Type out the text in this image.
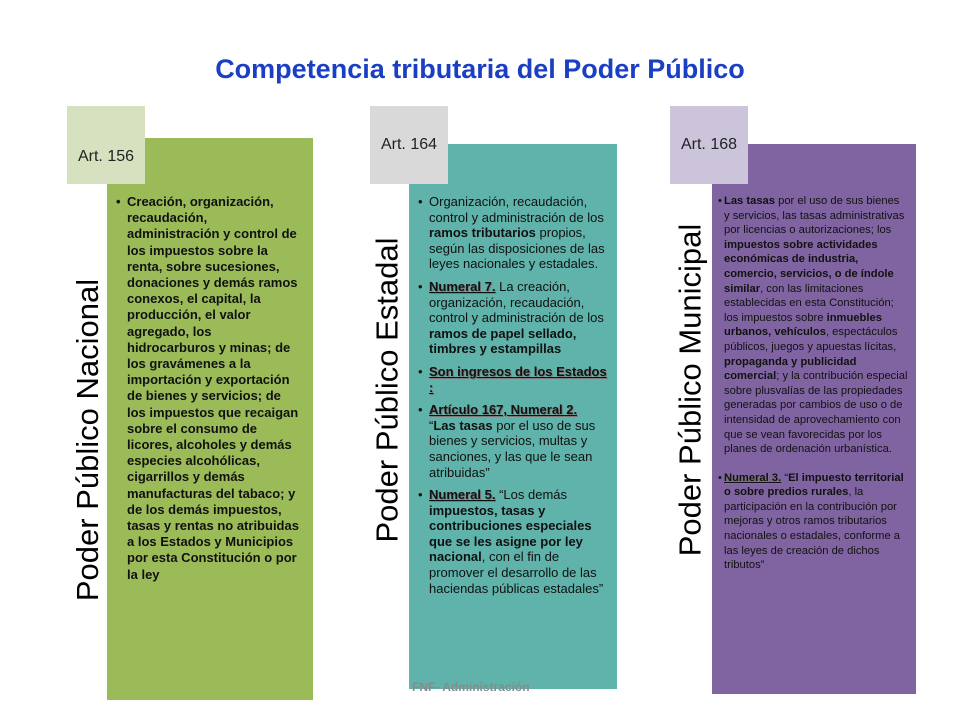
Competencia tributaria del Poder Público
• Creación, organización, recaudación, administración y control de los impuestos sobre la renta, sobre sucesiones, donaciones y demás ramos conexos, el capital, la producción, el valor agregado, los hidrocarburos y minas; de los gravámenes a la importación y exportación de bienes y servicios; de los impuestos que recaigan sobre el consumo de licores, alcoholes y demás especies alcohólicas, cigarrillos y demás manufacturas del tabaco; y de los demás impuestos, tasas y rentas no atribuidas a los Estados y Municipios por esta Constitución o por la ley
Art. 156
Poder Público Nacional
• Organización, recaudación, control y administración de los ramos tributarios propios, según las disposiciones de las leyes nacionales y estadales.
• Numeral 7. La creación, organización, recaudación, control y administración de los ramos de papel sellado, timbres y estampillas
• Son ingresos de los Estados :
• Artículo 167, Numeral 2. “Las tasas por el uso de sus bienes y servicios, multas y sanciones, y las que le sean atribuidas”
• Numeral 5. “Los demás impuestos, tasas y contribuciones especiales que se les asigne por ley nacional, con el fin de promover el desarrollo de las haciendas públicas estadales”
Art. 164
Poder Público Estadal
FNF- Administración
• Las tasas por el uso de sus bienes y servicios, las tasas administrativas por licencias o autorizaciones; los impuestos sobre actividades económicas de industria, comercio, servicios, o de índole similar, con las limitaciones establecidas en esta Constitución; los impuestos sobre inmuebles urbanos, vehículos, espectáculos públicos, juegos y apuestas lícitas, propaganda y publicidad comercial; y la contribución especial sobre plusvalías de las propiedades generadas por cambios de uso o de intensidad de aprovechamiento con que se vean favorecidas por los planes de ordenación urbanística.
• Numeral 3. “El impuesto territorial o sobre predios rurales, la participación en la contribución por mejoras y otros ramos tributarios nacionales o estadales, conforme a las leyes de creación de dichos tributos”
Art. 168
Poder Público Municipal
